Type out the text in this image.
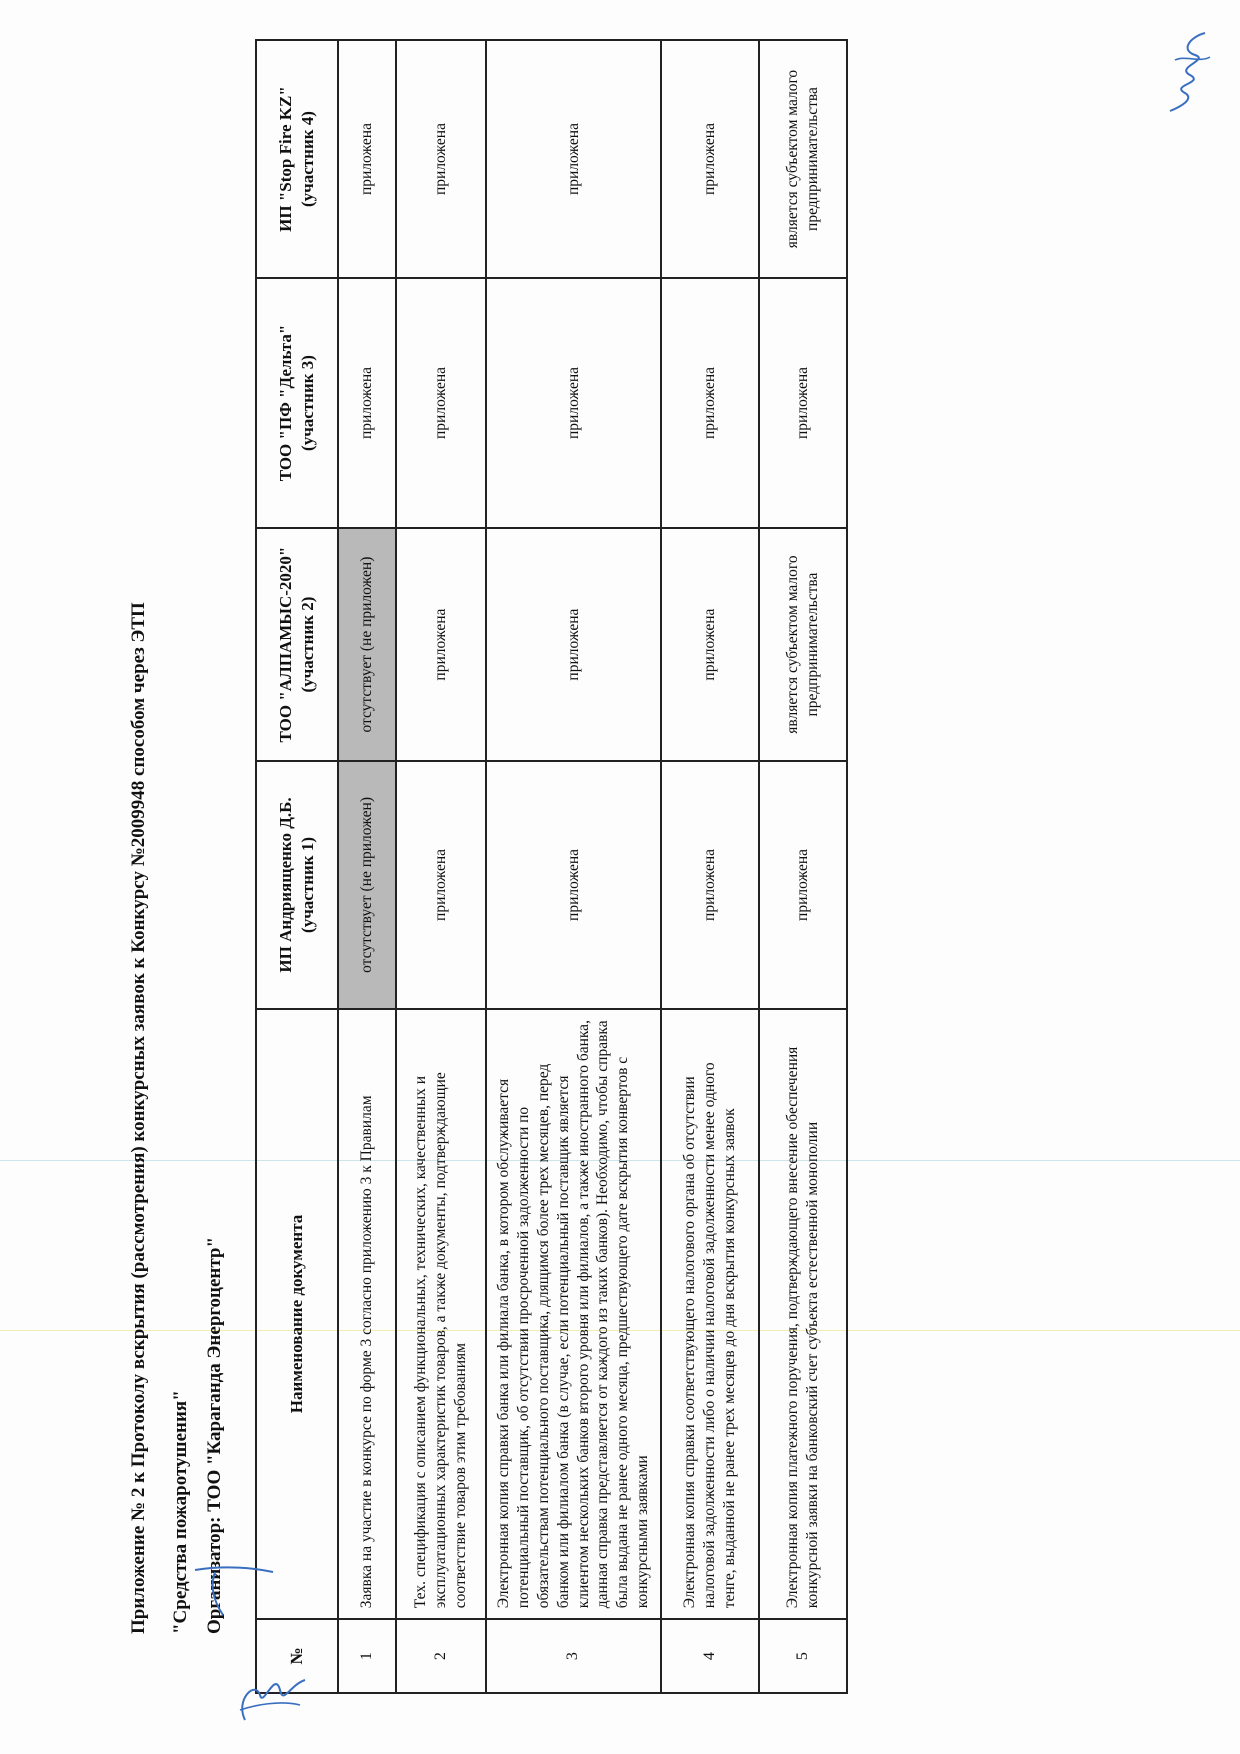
Приложение № 2 к Протоколу вскрытия (рассмотрения) конкурсных заявок к Конкурсу №2009948 способом через ЭТП "Средства пожаротушения" Организатор: ТОО "Караганда Энергоцентр"
№	Наименование документа	ИП Андриященко Д.Б. (участник 1)	ТОО "АЛПАМЫС-2020" (участник 2)	ТОО "ПФ "Дельта" (участник 3)	ИП "Stop Fire KZ" (участник 4)
1	Заявка на участие в конкурсе по форме 3 согласно приложению 3 к Правилам	отсутствует (не приложен)	отсутствует (не приложен)	приложена	приложена
2	Тех. спецификация с описанием функциональных, технических, качественных и эксплуатационных характеристик товаров, а также документы, подтверждающие соответствие товаров этим требованиям	приложена	приложена	приложена	приложена
3	Электронная копия справки банка или филиала банка, в котором обслуживается потенциальный поставщик, об отсутствии просроченной задолженности по обязательствам потенциального поставщика, длящимся более трех месяцев, перед банком или филиалом банка (в случае, если потенциальный поставщик является клиентом нескольких банков второго уровня или филиалов, а также иностранного банка, данная справка представляется от каждого из таких банков). Необходимо, чтобы справка была выдана не ранее одного месяца, предшествующего дате вскрытия конвертов с конкурсными заявками	приложена	приложена	приложена	приложена
4	Электронная копия справки соответствующего налогового органа об отсутствии налоговой задолженности либо о наличии налоговой задолженности менее одного тенге, выданной не ранее трех месяцев до дня вскрытия конкурсных заявок	приложена	приложена	приложена	приложена
5	Электронная копия платежного поручения, подтверждающего внесение обеспечения конкурсной заявки на банковский счет субъекта естественной монополии	приложена	является субъектом малого предпринимательства	приложена	является субъектом малого предпринимательства
